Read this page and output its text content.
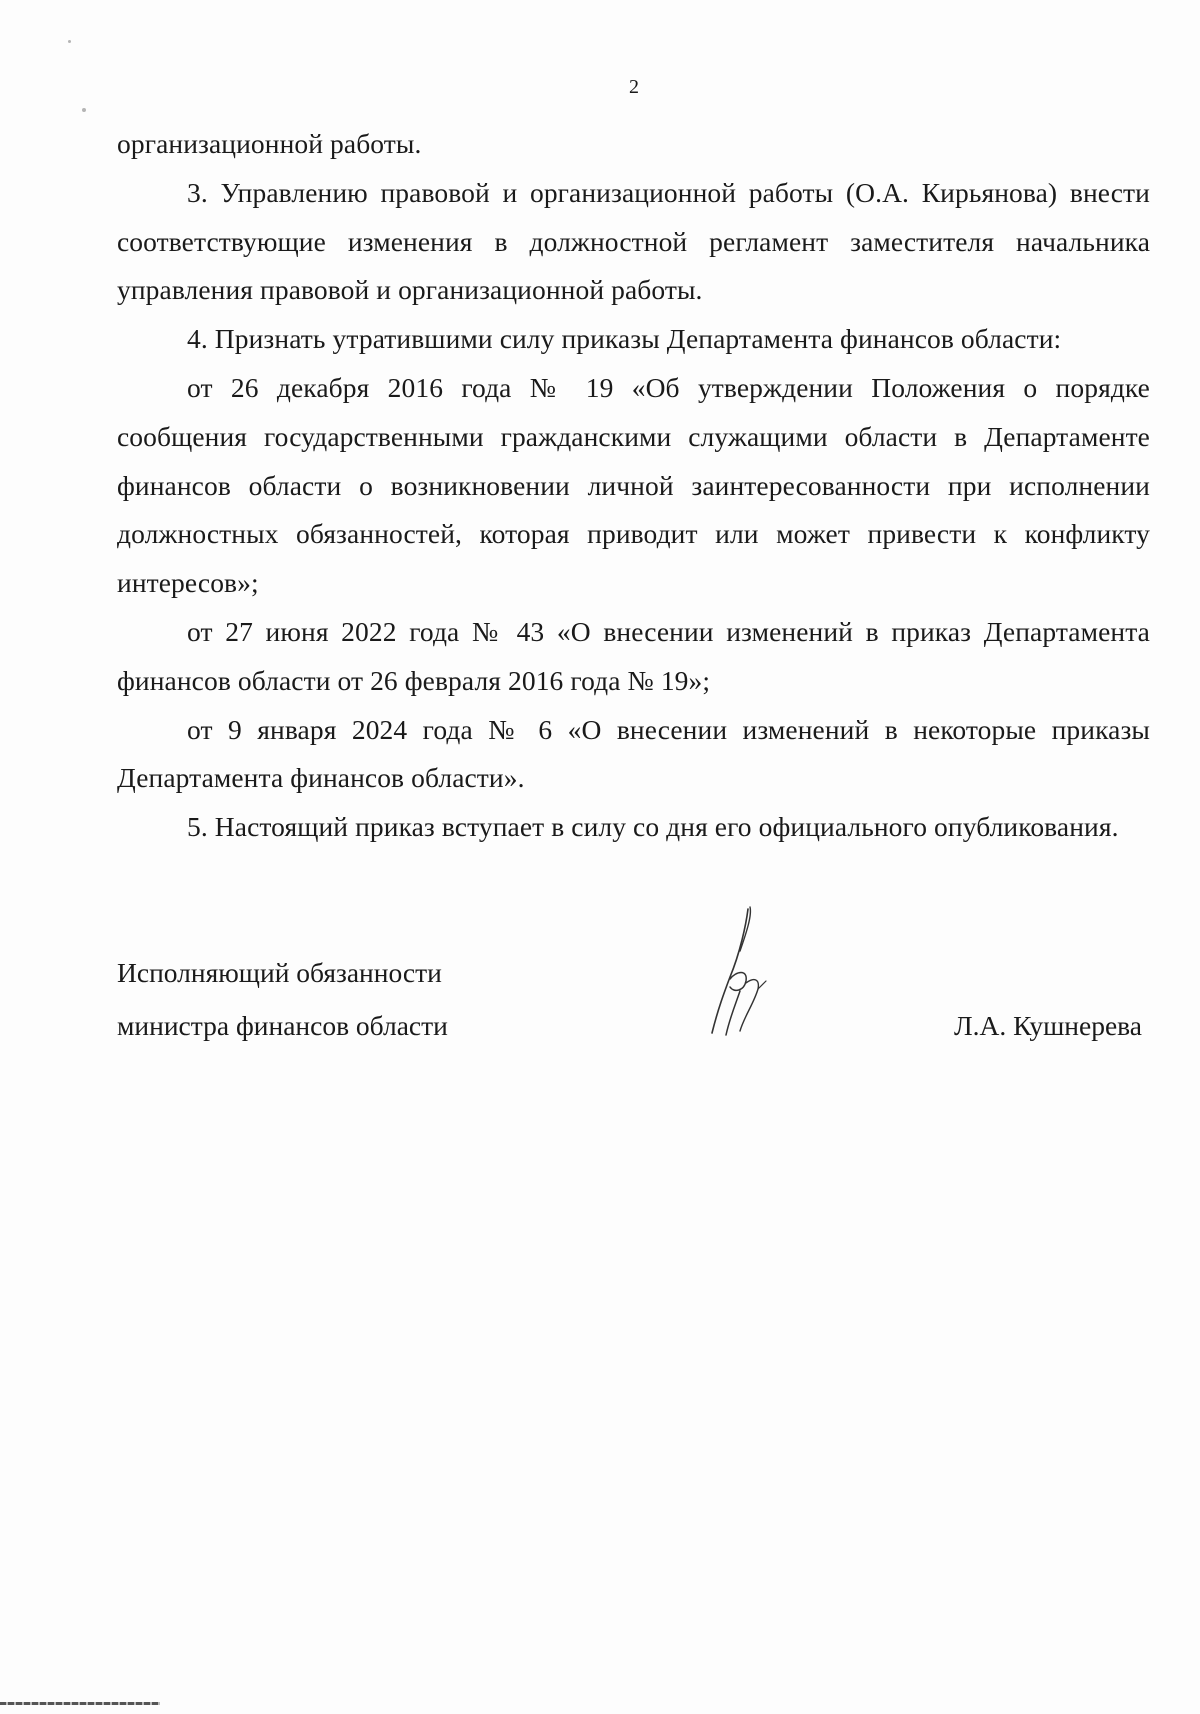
2

организационной работы.

3. Управлению правовой и организационной работы (О.А. Кирьянова) внести соответствующие изменения в должностной регламент заместителя начальника управления правовой и организационной работы.

4. Признать утратившими силу приказы Департамента финансов области:

от 26 декабря 2016 года № 19 «Об утверждении Положения о порядке сообщения государственными гражданскими служащими области в Департаменте финансов области о возникновении личной заинтересованности при исполнении должностных обязанностей, которая приводит или может привести к конфликту интересов»;

от 27 июня 2022 года № 43 «О внесении изменений в приказ Департамента финансов области от 26 февраля 2016 года № 19»;

от 9 января 2024 года № 6 «О внесении изменений в некоторые приказы Департамента финансов области».

5. Настоящий приказ вступает в силу со дня его официального опубликования.

Исполняющий обязанности
министра финансов области	Л.А. Кушнерева
